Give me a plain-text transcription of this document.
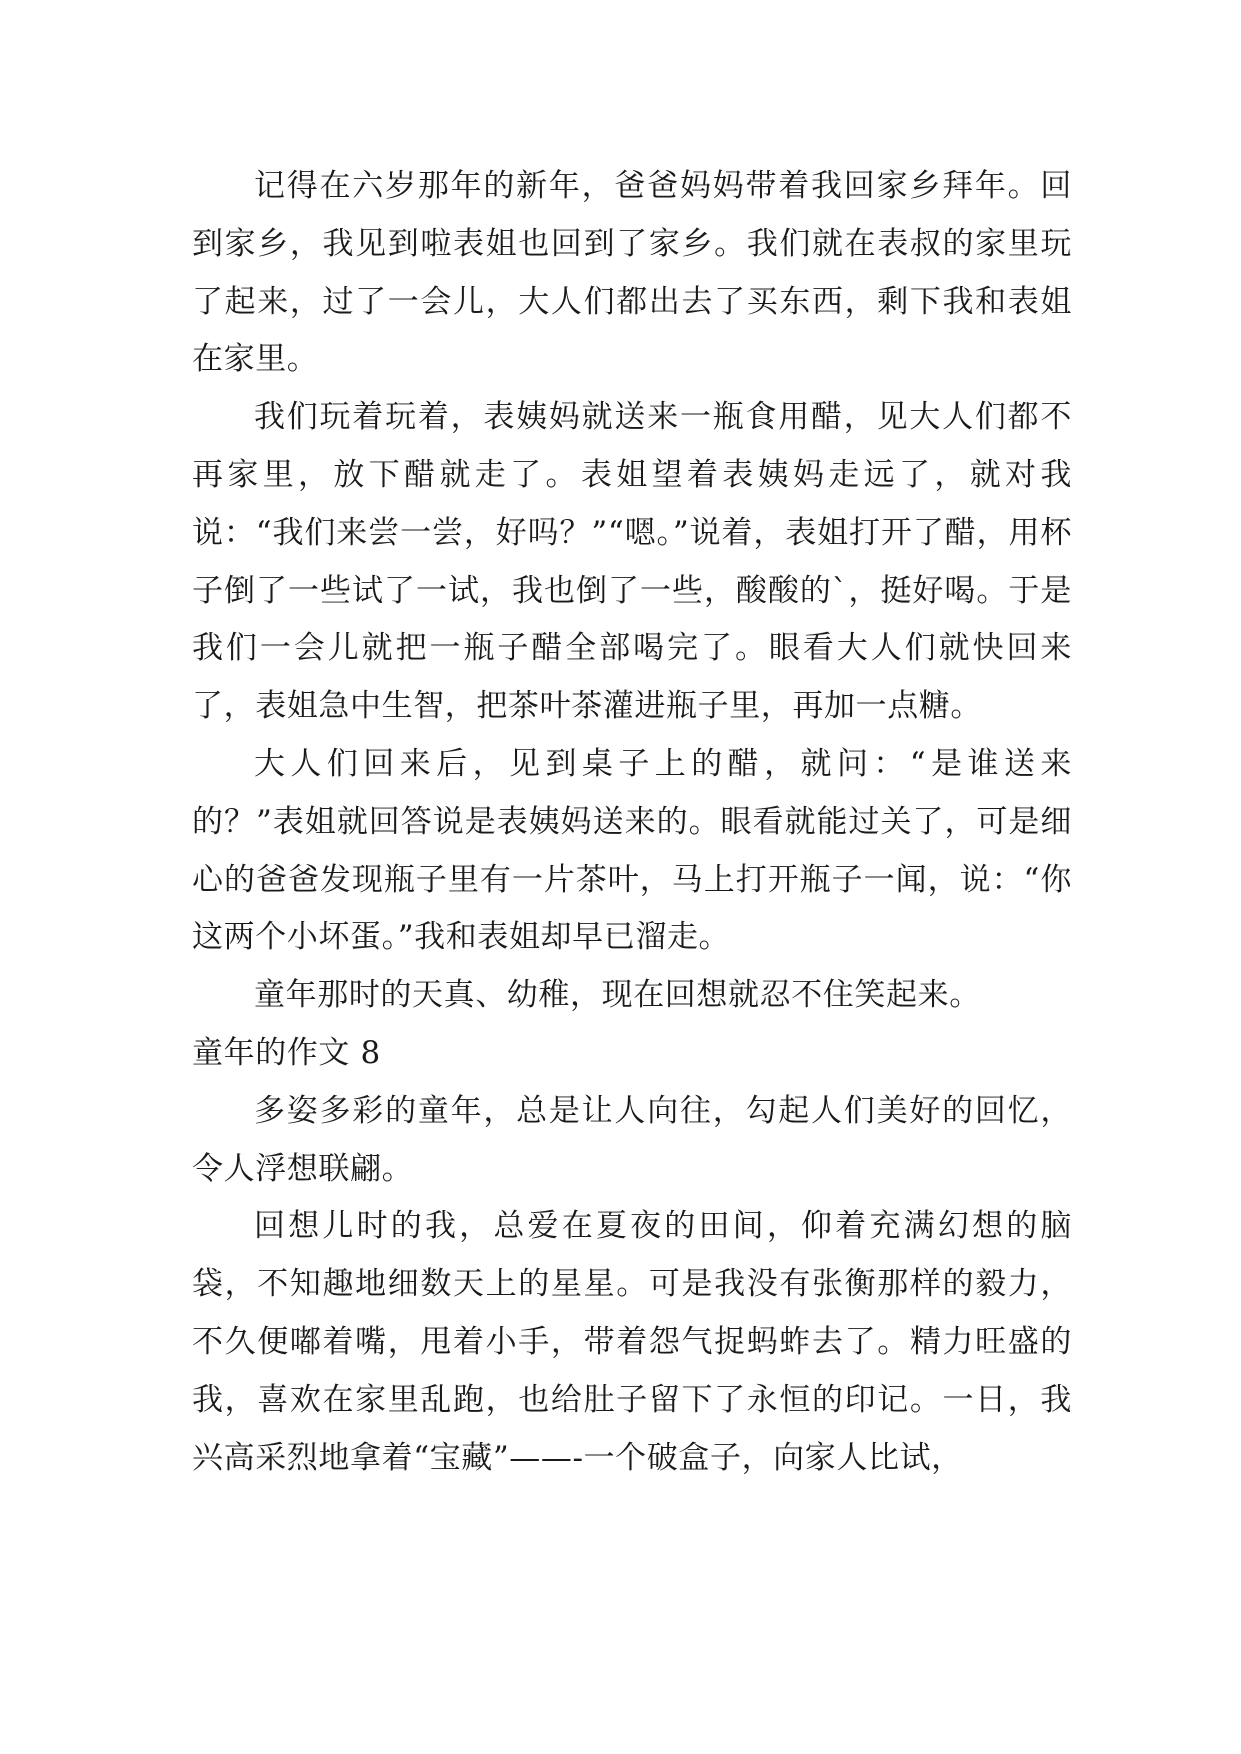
记得在六岁那年的新年，爸爸妈妈带着我回家乡拜年。回到家乡，我见到啦表姐也回到了家乡。我们就在表叔的家里玩了起来，过了一会儿，大人们都出去了买东西，剩下我和表姐在家里。

我们玩着玩着，表姨妈就送来一瓶食用醋，见大人们都不再家里，放下醋就走了。表姐望着表姨妈走远了，就对我说：“我们来尝一尝，好吗？”“嗯。”说着，表姐打开了醋，用杯子倒了一些试了一试，我也倒了一些，酸酸的`，挺好喝。于是我们一会儿就把一瓶子醋全部喝完了。眼看大人们就快回来了，表姐急中生智，把茶叶茶灌进瓶子里，再加一点糖。

大人们回来后，见到桌子上的醋，就问：“是谁送来的？”表姐就回答说是表姨妈送来的。眼看就能过关了，可是细心的爸爸发现瓶子里有一片茶叶，马上打开瓶子一闻，说：“你这两个小坏蛋。”我和表姐却早已溜走。

童年那时的天真、幼稚，现在回想就忍不住笑起来。

童年的作文 8

多姿多彩的童年，总是让人向往，勾起人们美好的回忆，令人浮想联翩。

回想儿时的我，总爱在夏夜的田间，仰着充满幻想的脑袋，不知趣地细数天上的星星。可是我没有张衡那样的毅力，不久便嘟着嘴，甩着小手，带着怨气捉蚂蚱去了。精力旺盛的我，喜欢在家里乱跑，也给肚子留下了永恒的印记。一日，我兴高采烈地拿着“宝藏”——-一个破盒子，向家人比试，
